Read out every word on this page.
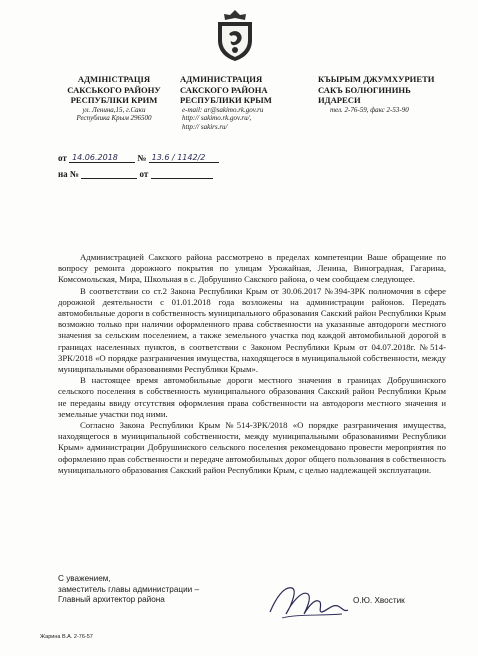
АДМІНІСТРАЦІЯ
САКСЬКОГО РАЙОНУ
РЕСПУБЛІКИ КРИМ
ул. Ленина,15, г.Саки
Республика Крым 296500
АДМИНИСТРАЦИЯ
САКСКОГО РАЙОНА
РЕСПУБЛИКИ КРЫМ
e-mail: ar@sakimo.rk.gov.ru
http:// sakimo.rk.gov.ru/,
http:// sakirs.ru/
КЪЫРЫМ ДЖУМХУРИЕТИ
САКЪ БОЛЮГИНИНЬ
ИДАРЕСИ
тел. 2-76-59, факс 2-53-90
от 14.06.2018 № 13.6 / 1142/2
на №	от

Администрацией Сакского района рассмотрено в пределах компетенции Ваше обращение по вопросу ремонта дорожного покрытия по улицам Урожайная, Ленина, Виноградная, Гагарина, Комсомольская, Мира, Школьная в с. Добрушино Сакского района, о чем сообщаем следующее.

В соответствии со ст.2 Закона Республики Крым от 30.06.2017 №394-ЗРК полномочия в сфере дорожной деятельности с 01.01.2018 года возложены на администрации районов. Передать автомобильные дороги в собственность муниципального образования Сакский район Республики Крым возможно только при наличии оформленного права собственности на указанные автодороги местного значения за сельским поселением, а также земельного участка под каждой автомобильной дорогой в границах населенных пунктов, в соответствии с Законом Республики Крым от 04.07.2018г. №514-ЗРК/2018 «О порядке разграничения имущества, находящегося в муниципальной собственности, между муниципальными образованиями Республики Крым».

В настоящее время автомобильные дороги местного значения в границах Добрушинского сельского поселения в собственность муниципального образования Сакский район Республики Крым не переданы ввиду отсутствия оформления права собственности на автодороги местного значения и земельные участки под ними.

Согласно Закона Республики Крым №514-ЗРК/2018 «О порядке разграничения имущества, находящегося в муниципальной собственности, между муниципальными образованиями Республики Крым» администрации Добрушинского сельского поселения рекомендовано провести мероприятия по оформлению прав собственности и передаче автомобильных дорог общего пользования в собственность муниципального образования Сакский район Республики Крым, с целью надлежащей эксплуатации.

С уважением,
заместитель главы администрации –
Главный архитектор района	О.Ю. Хвостик
Жарина В.А. 2-76-57
